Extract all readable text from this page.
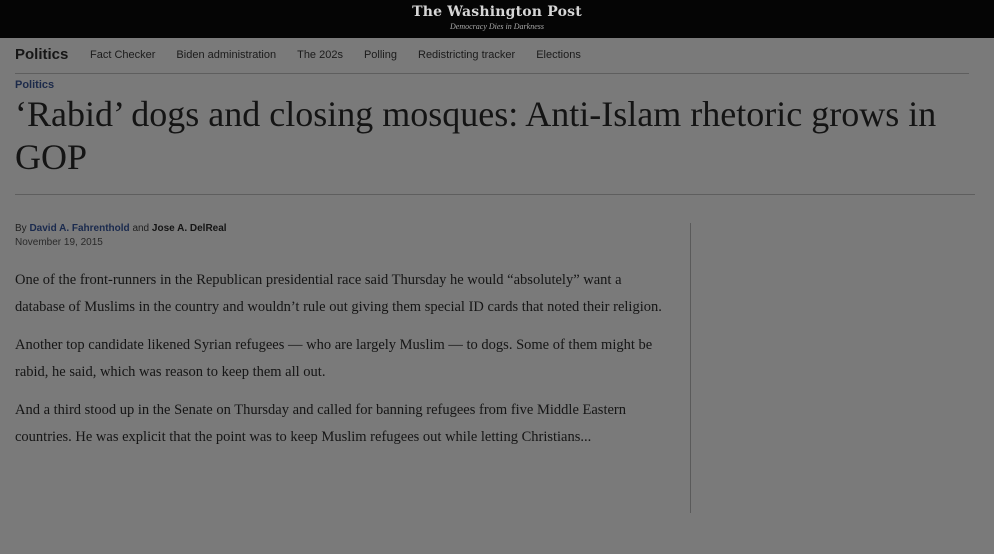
The Washington Post
Democracy Dies in Darkness
Politics Fact Checker Biden administration The 202s Polling Redistricting tracker Elections
Politics
‘Rabid’ dogs and closing mosques: Anti-Islam rhetoric grows in GOP
By David A. Fahrenthold and Jose A. DelReal
November 19, 2015

One of the front-runners in the Republican presidential race said Thursday he would “absolutely” want a database of Muslims in the country and wouldn’t rule out giving them special ID cards that noted their religion.

Another top candidate likened Syrian refugees — who are largely Muslim — to dogs. Some of them might be rabid, he said, which was reason to keep them all out.

And a third stood up in the Senate on Thursday and called for banning refugees from five Middle Eastern countries. He was explicit that the point was to keep Muslim refugees out while letting Christians...
